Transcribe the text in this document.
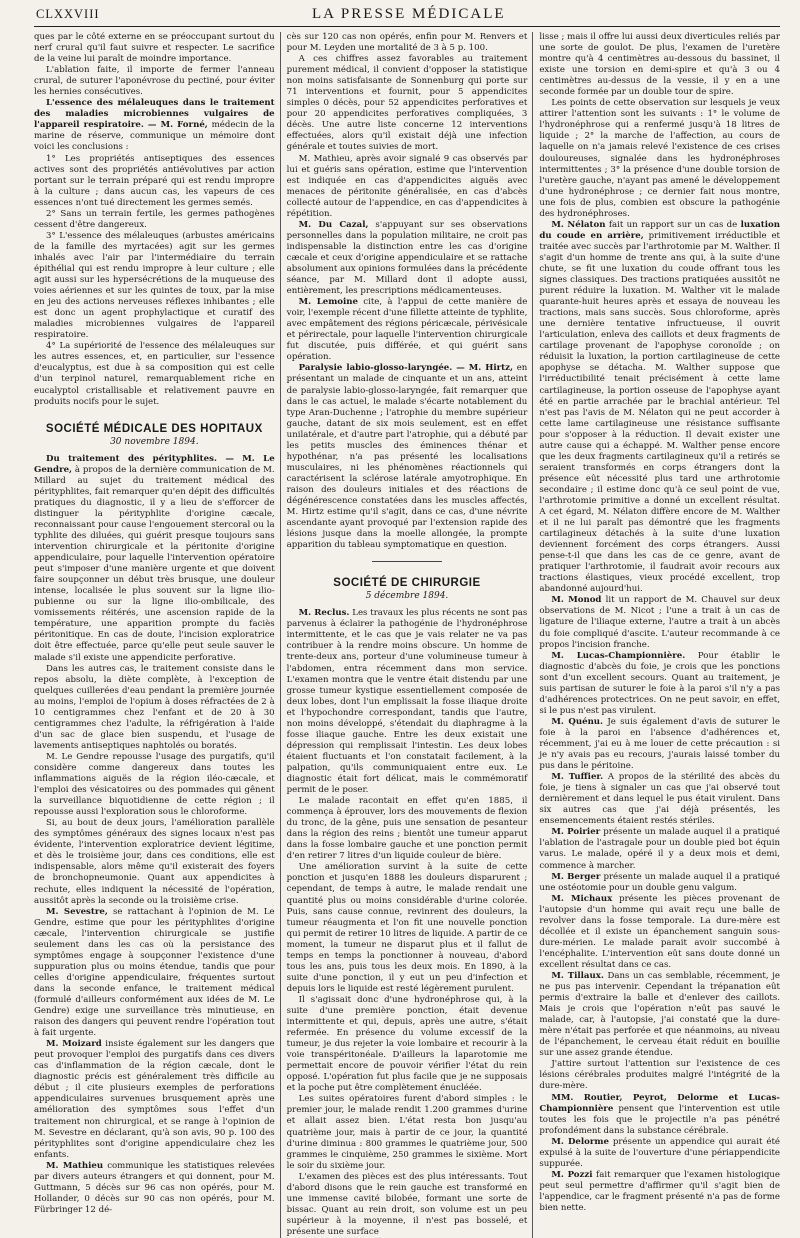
CLXXVIII	LA PRESSE MÉDICALE

ques par le côté externe en se préoccupant surtout du nerf crural qu'il faut suivre et respecter. Le sacrifice de la veine lui paraît de moindre importance.

L'ablation faite, il importe de fermer l'anneau crural, de suturer l'aponévrose du pectiné, pour éviter les hernies consécutives.

L'essence des mélaleuques dans le traitement des maladies microbiennes vulgaires de l'appareil respiratoire. — M. Forné, médecin de la marine de réserve, communique un mémoire dont voici les conclusions :

1° Les propriétés antiseptiques des essences actives sont des propriétés antiévolutives par action portant sur le terrain préparé qui est rendu impropre à la culture ; dans aucun cas, les vapeurs de ces essences n'ont tué directement les germes semés.

2° Sans un terrain fertile, les germes pathogènes cessent d'être dangereux.

3° L'essence des mélaleuques (arbustes américains de la famille des myrtacées) agit sur les germes inhalés avec l'air par l'intermédiaire du terrain épithélial qui est rendu impropre à leur culture ; elle agit aussi sur les hypersécrétions de la muqueuse des voies aériennes et sur les quintes de toux, par la mise en jeu des actions nerveuses réflexes inhibantes ; elle est donc un agent prophylactique et curatif des maladies microbiennes vulgaires de l'appareil respiratoire.

4° La supériorité de l'essence des mélaleuques sur les autres essences, et, en particulier, sur l'essence d'eucalyptus, est due à sa composition qui est celle d'un terpinol naturel, remarquablement riche en eucalyptol cristallisable et relativement pauvre en produits nocifs pour le sujet.

SOCIÉTÉ MÉDICALE DES HOPITAUX
30 novembre 1894.

Du traitement des pérityphlites. — M. Le Gendre, à propos de la dernière communication de M. Millard au sujet du traitement médical des pérityphlites, fait remarquer qu'en dépit des difficultés pratiques du diagnostic, il y a lieu de s'efforcer de distinguer la pérityphlite d'origine cæcale, reconnaissant pour cause l'engouement stercoral ou la typhlite des diluées, qui guérit presque toujours sans intervention chirurgicale et la péritonite d'origine appendiculaire, pour laquelle l'intervention opératoire peut s'imposer d'une manière urgente et que doivent faire soupçonner un début très brusque, une douleur intense, localisée le plus souvent sur la ligne ilio-pubienne ou sur la ligne ilio-ombilicale, des vomissements réitérés, une ascension rapide de la température, une apparition prompte du faciès péritonitique. En cas de doute, l'incision exploratrice doit être effectuée, parce qu'elle peut seule sauver le malade s'il existe une appendicite perforative.

Dans les autres cas, le traitement consiste dans le repos absolu, la diète complète, à l'exception de quelques cuillerées d'eau pendant la première journée au moins, l'emploi de l'opium à doses réfractées de 2 à 10 centigrammes chez l'enfant et de 20 à 30 centigrammes chez l'adulte, la réfrigération à l'aide d'un sac de glace bien suspendu, et l'usage de lavements antiseptiques naphtolés ou boratés.

M. Le Gendre repousse l'usage des purgatifs, qu'il considère comme dangereux dans toutes les inflammations aiguës de la région iléo-cæcale, et l'emploi des vésicatoires ou des pommades qui gênent la surveillance biquotidienne de cette région ; il repousse aussi l'exploration sous le chloroforme.

Si, au bout de deux jours, l'amélioration parallèle des symptômes généraux des signes locaux n'est pas évidente, l'intervention exploratrice devient légitime, et dès le troisième jour, dans ces conditions, elle est indispensable, alors même qu'il existerait des foyers de bronchopneumonie. Quant aux appendicites à rechute, elles indiquent la nécessité de l'opération, aussitôt après la seconde ou la troisième crise.

M. Sevestre, se rattachant à l'opinion de M. Le Gendre, estime que pour les pérityphlites d'origine cæcale, l'intervention chirurgicale se justifie seulement dans les cas où la persistance des symptômes engage à soupçonner l'existence d'une suppuration plus ou moins étendue, tandis que pour celles d'origine appendiculaire, fréquentes surtout dans la seconde enfance, le traitement médical (formulé d'ailleurs conformément aux idées de M. Le Gendre) exige une surveillance très minutieuse, en raison des dangers qui peuvent rendre l'opération tout à fait urgente.

M. Moizard insiste également sur les dangers que peut provoquer l'emploi des purgatifs dans ces divers cas d'inflammation de la région cæcale, dont le diagnostic précis est généralement très difficile au début ; il cite plusieurs exemples de perforations appendiculaires survenues brusquement après une amélioration des symptômes sous l'effet d'un traitement non chirurgical, et se range à l'opinion de M. Sevestre en déclarant, qu'à son avis, 90 p. 100 des pérityphlites sont d'origine appendiculaire chez les enfants.

M. Mathieu communique les statistiques relevées par divers auteurs étrangers et qui donnent, pour M. Guttmann, 5 décès sur 96 cas non opérés, pour M. Hollander, 0 décès sur 90 cas non opérés, pour M. Fürbringer 12 dé-

cès sur 120 cas non opérés, enfin pour M. Renvers et pour M. Leyden une mortalité de 3 à 5 p. 100.

A ces chiffres assez favorables au traitement purement médical, il convient d'opposer la statistique non moins satisfaisante de Sonnenburg qui porte sur 71 interventions et fournit, pour 5 appendicites simples 0 décès, pour 52 appendicites perforatives et pour 20 appendicites perforatives compliquées, 3 décès. Une autre liste concerne 12 interventions effectuées, alors qu'il existait déjà une infection générale et toutes suivies de mort.

M. Mathieu, après avoir signalé 9 cas observés par lui et guéris sans opération, estime que l'intervention est indiquée en cas d'appendicites aiguës avec menaces de péritonite généralisée, en cas d'abcès collecté autour de l'appendice, en cas d'appendicites à répétition.

M. Du Cazal, s'appuyant sur ses observations personnelles dans la population militaire, ne croit pas indispensable la distinction entre les cas d'origine cæcale et ceux d'origine appendiculaire et se rattache absolument aux opinions formulées dans la précédente séance, par M. Millard dont il adopte aussi, entièrement, les prescriptions médicamenteuses.

M. Lemoine cite, à l'appui de cette manière de voir, l'exemple récent d'une fillette atteinte de typhlite, avec empâtement des régions péricæcale, périvésicale et périrectale, pour laquelle l'intervention chirurgicale fut discutée, puis différée, et qui guérit sans opération.

Paralysie labio-glosso-laryngée. — M. Hirtz, en présentant un malade de cinquante et un ans, atteint de paralysie labio-glosso-laryngée, fait remarquer que dans le cas actuel, le malade s'écarte notablement du type Aran-Duchenne ; l'atrophie du membre supérieur gauche, datant de six mois seulement, est en effet unilatérale, et d'autre part l'atrophie, qui a débuté par les petits muscles des éminences thénar et hypothénar, n'a pas présenté les localisations musculaires, ni les phénomènes réactionnels qui caractérisent la sclérose latérale amyotrophique. En raison des douleurs initiales et des réactions de dégénérescence constatées dans les muscles affectés, M. Hirtz estime qu'il s'agit, dans ce cas, d'une névrite ascendante ayant provoqué par l'extension rapide des lésions jusque dans la moelle allongée, la prompte apparition du tableau symptomatique en question.

SOCIÉTÉ DE CHIRURGIE
5 décembre 1894.

M. Reclus. Les travaux les plus récents ne sont pas parvenus à éclairer la pathogénie de l'hydronéphrose intermittente, et le cas que je vais relater ne va pas contribuer à la rendre moins obscure. Un homme de trente-deux ans, porteur d'une volumineuse tumeur à l'abdomen, entra récemment dans mon service. L'examen montra que le ventre était distendu par une grosse tumeur kystique essentiellement composée de deux lobes, dont l'un emplissait la fosse iliaque droite et l'hypochondre correspondant, tandis que l'autre, non moins développé, s'étendait du diaphragme à la fosse iliaque gauche. Entre les deux existait une dépression qui remplissait l'intestin. Les deux lobes étaient fluctuants et l'on constatait facilement, à la palpation, qu'ils communiquaient entre eux. Le diagnostic était fort délicat, mais le commémoratif permit de le poser.

Le malade racontait en effet qu'en 1885, il commença à éprouver, lors des mouvements de flexion du tronc, de la gêne, puis une sensation de pesanteur dans la région des reins ; bientôt une tumeur apparut dans la fosse lombaire gauche et une ponction permit d'en retirer 7 litres d'un liquide couleur de bière.

Une amélioration survint à la suite de cette ponction et jusqu'en 1888 les douleurs disparurent ; cependant, de temps à autre, le malade rendait une quantité plus ou moins considérable d'urine colorée. Puis, sans cause connue, revinrent des douleurs, la tumeur réaugmenta et l'on fit une nouvelle ponction qui permit de retirer 10 litres de liquide. A partir de ce moment, la tumeur ne disparut plus et il fallut de temps en temps la ponctionner à nouveau, d'abord tous les ans, puis tous les deux mois. En 1890, à la suite d'une ponction, il y eut un peu d'infection et depuis lors le liquide est resté légèrement purulent.

Il s'agissait donc d'une hydronéphrose qui, à la suite d'une première ponction, était devenue intermittente et qui, depuis, après une autre, s'était refermée. En présence du volume excessif de la tumeur, je dus rejeter la voie lombaire et recourir à la voie transpéritonéale. D'ailleurs la laparotomie me permettait encore de pouvoir vérifier l'état du rein opposé. L'opération fut plus facile que je ne supposais et la poche put être complètement énucléée.

Les suites opératoires furent d'abord simples : le premier jour, le malade rendit 1.200 grammes d'urine et allait assez bien. L'état resta bon jusqu'au quatrième jour, mais à partir de ce jour, la quantité d'urine diminua : 800 grammes le quatrième jour, 500 grammes le cinquième, 250 grammes le sixième. Mort le soir du sixième jour.

L'examen des pièces est des plus intéressants. Tout d'abord disons que le rein gauche est transformé en une immense cavité bilobée, formant une sorte de bissac. Quant au rein droit, son volume est un peu supérieur à la moyenne, il n'est pas bosselé, et présente une surface

lisse ; mais il offre lui aussi deux diverticules reliés par une sorte de goulot. De plus, l'examen de l'uretère montre qu'à 4 centimètres au-dessous du bassinet, il existe une torsion en demi-spire et qu'à 3 ou 4 centimètres au-dessus de la vessie, il y en a une seconde formée par un double tour de spire.

Les points de cette observation sur lesquels je veux attirer l'attention sont les suivants : 1° le volume de l'hydronéphrose qui a renfermé jusqu'à 18 litres de liquide ; 2° la marche de l'affection, au cours de laquelle on n'a jamais relevé l'existence de ces crises douloureuses, signalée dans les hydronéphroses intermittentes ; 3° la présence d'une double torsion de l'uretère gauche, n'ayant pas amené le développement d'une hydronéphrose ; ce dernier fait nous montre, une fois de plus, combien est obscure la pathogénie des hydronéphroses.

M. Nélaton fait un rapport sur un cas de luxation du coude en arrière, primitivement irréductible et traitée avec succès par l'arthrotomie par M. Walther. Il s'agit d'un homme de trente ans qui, à la suite d'une chute, se fit une luxation du coude offrant tous les signes classiques. Des tractions pratiquées aussitôt ne purent réduire la luxation. M. Walther vit le malade quarante-huit heures après et essaya de nouveau les tractions, mais sans succès. Sous chloroforme, après une dernière tentative infructueuse, il ouvrit l'articulation, enleva des caillots et deux fragments de cartilage provenant de l'apophyse coronoïde ; on réduisit la luxation, la portion cartilagineuse de cette apophyse se détacha. M. Walther suppose que l'irréductibilité tenait précisément à cette lame cartilagineuse, la portion osseuse de l'apophyse ayant été en partie arrachée par le brachial antérieur. Tel n'est pas l'avis de M. Nélaton qui ne peut accorder à cette lame cartilagineuse une résistance suffisante pour s'opposer à la réduction. Il devait exister une autre cause qui a échappé. M. Walther pense encore que les deux fragments cartilagineux qu'il a retirés se seraient transformés en corps étrangers dont la présence eût nécessité plus tard une arthrotomie secondaire ; il estime donc qu'à ce seul point de vue, l'arthrotomie primitive a donné un excellent résultat. A cet égard, M. Nélaton diffère encore de M. Walther et il ne lui paraît pas démontré que les fragments cartilagineux détachés à la suite d'une luxation deviennent forcément des corps étrangers. Aussi pense-t-il que dans les cas de ce genre, avant de pratiquer l'arthrotomie, il faudrait avoir recours aux tractions élastiques, vieux procédé excellent, trop abandonné aujourd'hui.

M. Monod lit un rapport de M. Chauvel sur deux observations de M. Nicot ; l'une a trait à un cas de ligature de l'iliaque externe, l'autre a trait à un abcès du foie compliqué d'ascite. L'auteur recommande à ce propos l'incision franche.

M. Lucas-Championnière. Pour établir le diagnostic d'abcès du foie, je crois que les ponctions sont d'un excellent secours. Quant au traitement, je suis partisan de suturer le foie à la paroi s'il n'y a pas d'adhérences protectrices. On ne peut savoir, en effet, si le pus n'est pas virulent.

M. Quénu. Je suis également d'avis de suturer le foie à la paroi en l'absence d'adhérences et, récemment, j'ai eu à me louer de cette précaution : si je n'y avais pas eu recours, j'aurais laissé tomber du pus dans le péritoine.

M. Tuffier. A propos de la stérilité des abcès du foie, je tiens à signaler un cas que j'ai observé tout dernièrement et dans lequel le pus était virulent. Dans six autres cas que j'ai déjà présentés, les ensemencements étaient restés stériles.

M. Poirier présente un malade auquel il a pratiqué l'ablation de l'astragale pour un double pied bot équin varus. Le malade, opéré il y a deux mois et demi, commence à marcher.

M. Berger présente un malade auquel il a pratiqué une ostéotomie pour un double genu valgum.

M. Michaux présente les pièces provenant de l'autopsie d'un homme qui avait reçu une balle de revolver dans la fosse temporale. La dure-mère est décollée et il existe un épanchement sanguin sous-dure-mérien. Le malade parait avoir succombé à l'encéphalite. L'intervention eût sans doute donné un excellent résultat dans ce cas.

M. Tillaux. Dans un cas semblable, récemment, je ne pus pas intervenir. Cependant la trépanation eût permis d'extraire la balle et d'enlever des caillots. Mais je crois que l'opération n'eût pas sauvé le malade, car, à l'autopsie, j'ai constaté que la dure-mère n'était pas perforée et que néanmoins, au niveau de l'épanchement, le cerveau était réduit en bouillie sur une assez grande étendue.

J'attire surtout l'attention sur l'existence de ces lésions cérébrales produites malgré l'intégrité de la dure-mère.

MM. Routier, Peyrot, Delorme et Lucas-Championnière pensent que l'intervention est utile toutes les fois que le projectile n'a pas pénétré profondément dans la substance cérébrale.

M. Delorme présente un appendice qui aurait été expulsé à la suite de l'ouverture d'une périappendicite suppurée.

M. Pozzi fait remarquer que l'examen histologique peut seul permettre d'affirmer qu'il s'agit bien de l'appendice, car le fragment présenté n'a pas de forme bien nette.
